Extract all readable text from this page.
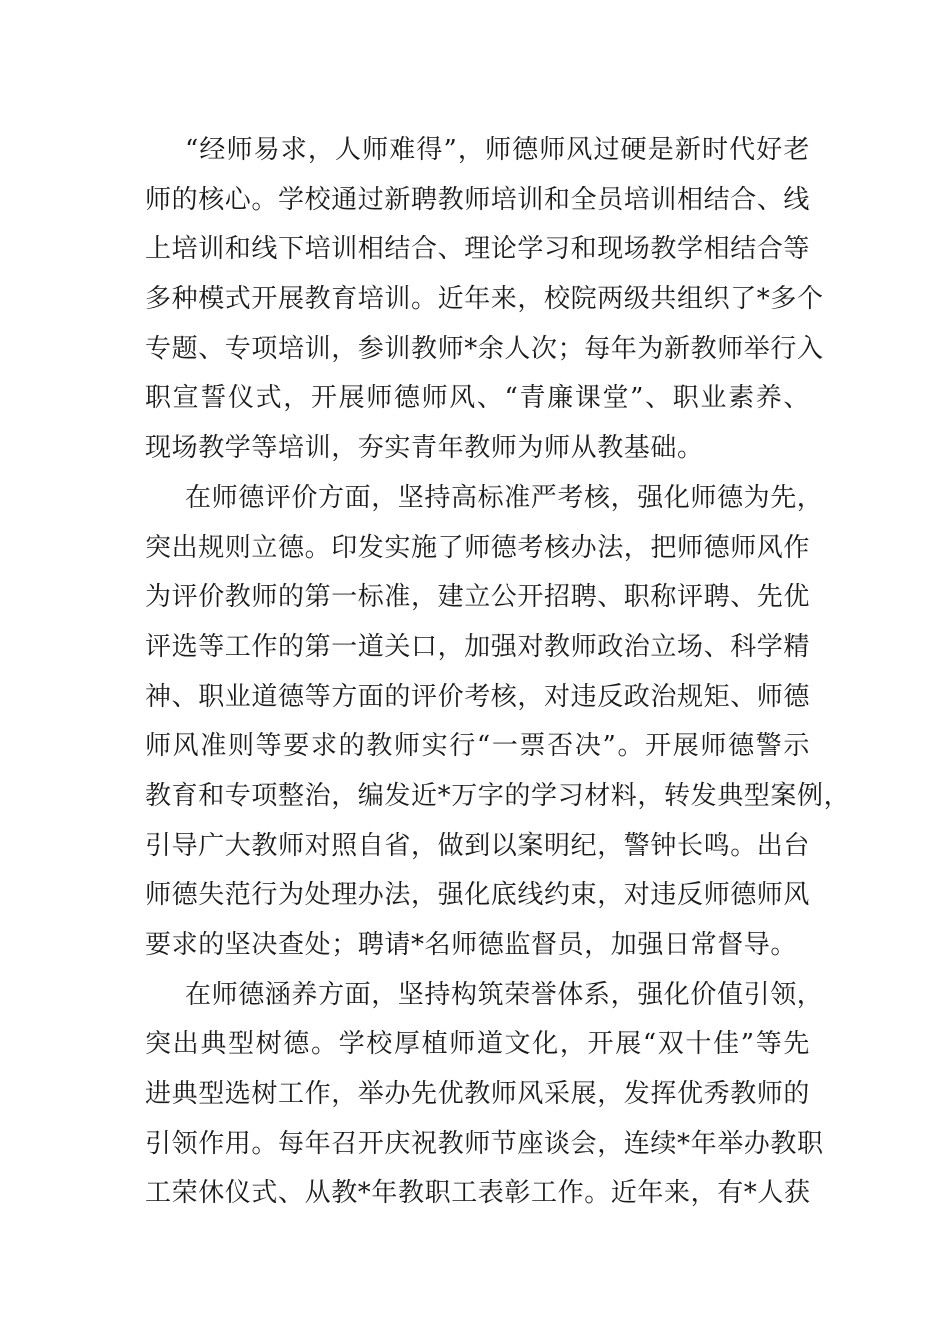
“经师易求，人师难得”，师德师风过硬是新时代好老
师的核心。学校通过新聘教师培训和全员培训相结合、线
上培训和线下培训相结合、理论学习和现场教学相结合等
多种模式开展教育培训。近年来，校院两级共组织了*多个
专题、专项培训，参训教师*余人次；每年为新教师举行入
职宣誓仪式，开展师德师风、“青廉课堂”、职业素养、
现场教学等培训，夯实青年教师为师从教基础。
在师德评价方面，坚持高标准严考核，强化师德为先，
突出规则立德。印发实施了师德考核办法，把师德师风作
为评价教师的第一标准，建立公开招聘、职称评聘、先优
评选等工作的第一道关口，加强对教师政治立场、科学精
神、职业道德等方面的评价考核，对违反政治规矩、师德
师风准则等要求的教师实行“一票否决”。开展师德警示
教育和专项整治，编发近*万字的学习材料，转发典型案例，
引导广大教师对照自省，做到以案明纪，警钟长鸣。出台
师德失范行为处理办法，强化底线约束，对违反师德师风
要求的坚决查处；聘请*名师德监督员，加强日常督导。
在师德涵养方面，坚持构筑荣誉体系，强化价值引领，
突出典型树德。学校厚植师道文化，开展“双十佳”等先
进典型选树工作，举办先优教师风采展，发挥优秀教师的
引领作用。每年召开庆祝教师节座谈会，连续*年举办教职
工荣休仪式、从教*年教职工表彰工作。近年来，有*人获
